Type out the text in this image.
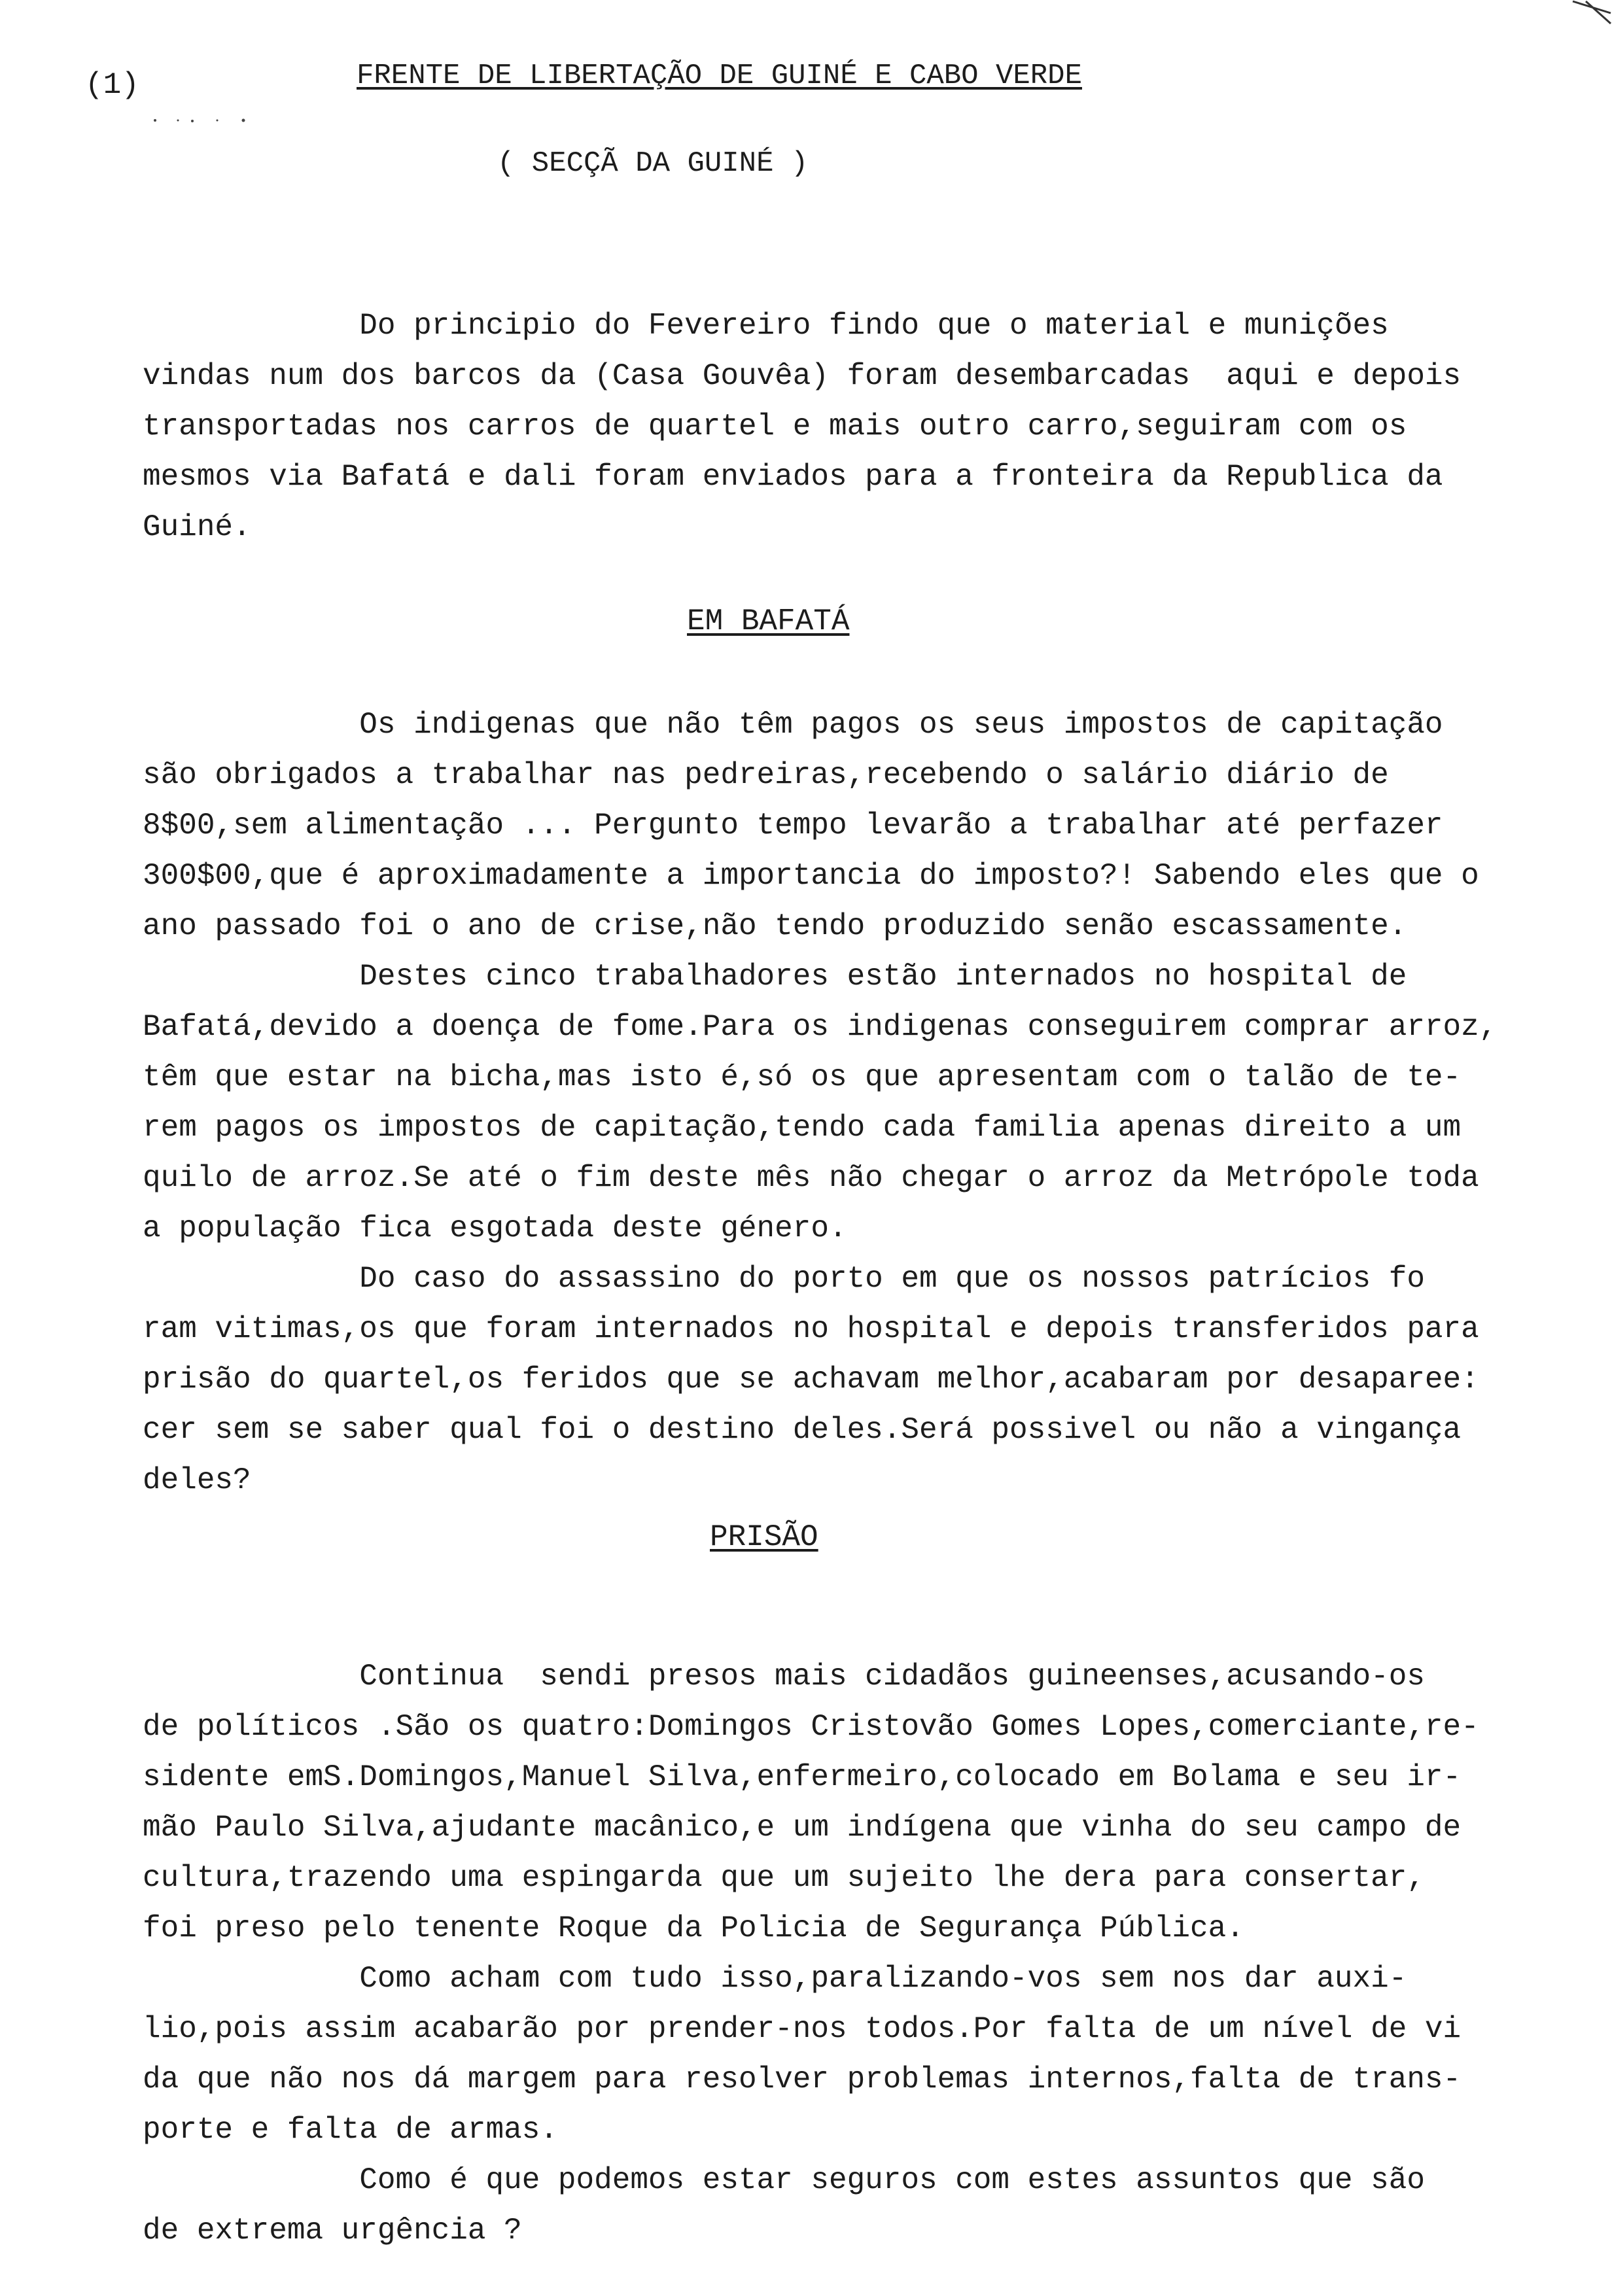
(1)	FRENTE DE LIBERTAÇÃO DE GUINÉ E CABO VERDE
( SECÇÃ DA GUINÉ )
Do principio do Fevereiro findo que o material e munições
vindas num dos barcos da (Casa Gouvêa) foram desembarcadas  aqui e depois
transportadas nos carros de quartel e mais outro carro,seguiram com os
mesmos via Bafatá e dali foram enviados para a fronteira da Republica da
Guiné.
EM BAFATÁ
Os indigenas que não têm pagos os seus impostos de capitação
são obrigados a trabalhar nas pedreiras,recebendo o salário diário de
8$00,sem alimentação ... Pergunto tempo levarão a trabalhar até perfazer
300$00,que é aproximadamente a importancia do imposto?! Sabendo eles que o
ano passado foi o ano de crise,não tendo produzido senão escassamente.
Destes cinco trabalhadores estão internados no hospital de
Bafatá,devido a doença de fome.Para os indigenas conseguirem comprar arroz,
têm que estar na bicha,mas isto é,só os que apresentam com o talão de te-
rem pagos os impostos de capitação,tendo cada familia apenas direito a um
quilo de arroz.Se até o fim deste mês não chegar o arroz da Metrópole toda
a população fica esgotada deste género.
Do caso do assassino do porto em que os nossos patrícios fo
ram vitimas,os que foram internados no hospital e depois transferidos para
prisão do quartel,os feridos que se achavam melhor,acabaram por desaparee:
cer sem se saber qual foi o destino deles.Será possivel ou não a vingança
deles?
PRISÃO
Continua  sendi presos mais cidadãos guineenses,acusando-os
de políticos .São os quatro:Domingos Cristovão Gomes Lopes,comerciante,re-
sidente emS.Domingos,Manuel Silva,enfermeiro,colocado em Bolama e seu ir-
mão Paulo Silva,ajudante macânico,e um indígena que vinha do seu campo de
cultura,trazendo uma espingarda que um sujeito lhe dera para consertar,
foi preso pelo tenente Roque da Policia de Segurança Pública.
Como acham com tudo isso,paralizando-vos sem nos dar auxi-
lio,pois assim acabarão por prender-nos todos.Por falta de um nível de vi
da que não nos dá margem para resolver problemas internos,falta de trans-
porte e falta de armas.
Como é que podemos estar seguros com estes assuntos que são
de extrema urgência ?
